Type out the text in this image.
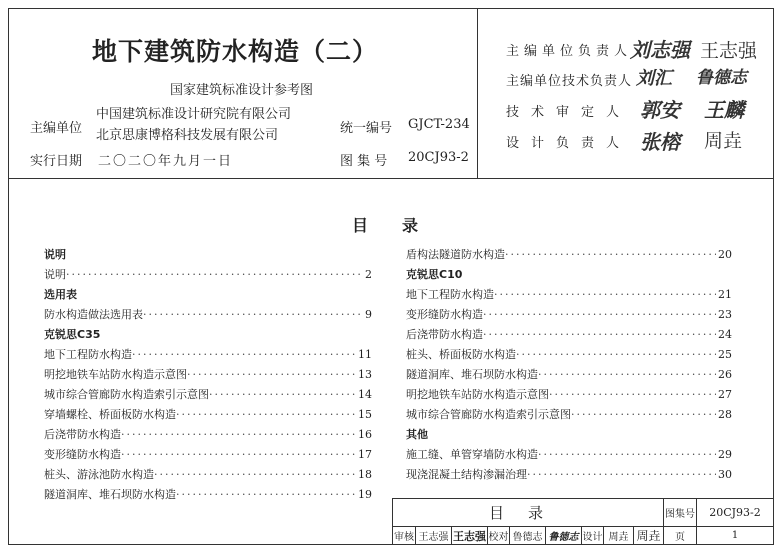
地下建筑防水构造（二）
国家建筑标准设计参考图
主编单位
中国建筑标准设计研究院有限公司
北京思康博格科技发展有限公司
实行日期 二〇二〇年九月一日
统一编号 GJCT-234
图 集 号 20CJ93-2
主编单位负责人
刘志强 王志强
主编单位技术负责人 刘汇 鲁德志
技术审定人 郭安 王麟
设计负责人 张榕 周垚
目录
说明
说明 ·····	2
选用表
防水构造做法选用表 ·····	9
克锐思C35
地下工程防水构造 ·····	11
明挖地铁车站防水构造示意图 ·····	13
城市综合管廊防水构造索引示意图 ·····	14
穿墙螺栓、桥面板防水构造 ·····	15
后浇带防水构造 ·····	16
变形缝防水构造 ·····	17
桩头、游泳池防水构造 ·····	18
隧道洞库、堆石坝防水构造 ·····	19
盾构法隧道防水构造 ·····	20
克锐思C10
地下工程防水构造 ·····	21
变形缝防水构造 ·····	23
后浇带防水构造 ·····	24
桩头、桥面板防水构造 ·····	25
隧道洞库、堆石坝防水构造 ·····	26
明挖地铁车站防水构造示意图 ·····	27
城市综合管廊防水构造索引示意图 ·····	28
其他
施工缝、单管穿墙防水构造 ·····	29
现浇混凝土结构渗漏治理 ·····	30
目录	图集号	20CJ93-2
页	1
审核 王志强 王志强 校对 鲁德志 鲁德志 设计 周垚 周垚
